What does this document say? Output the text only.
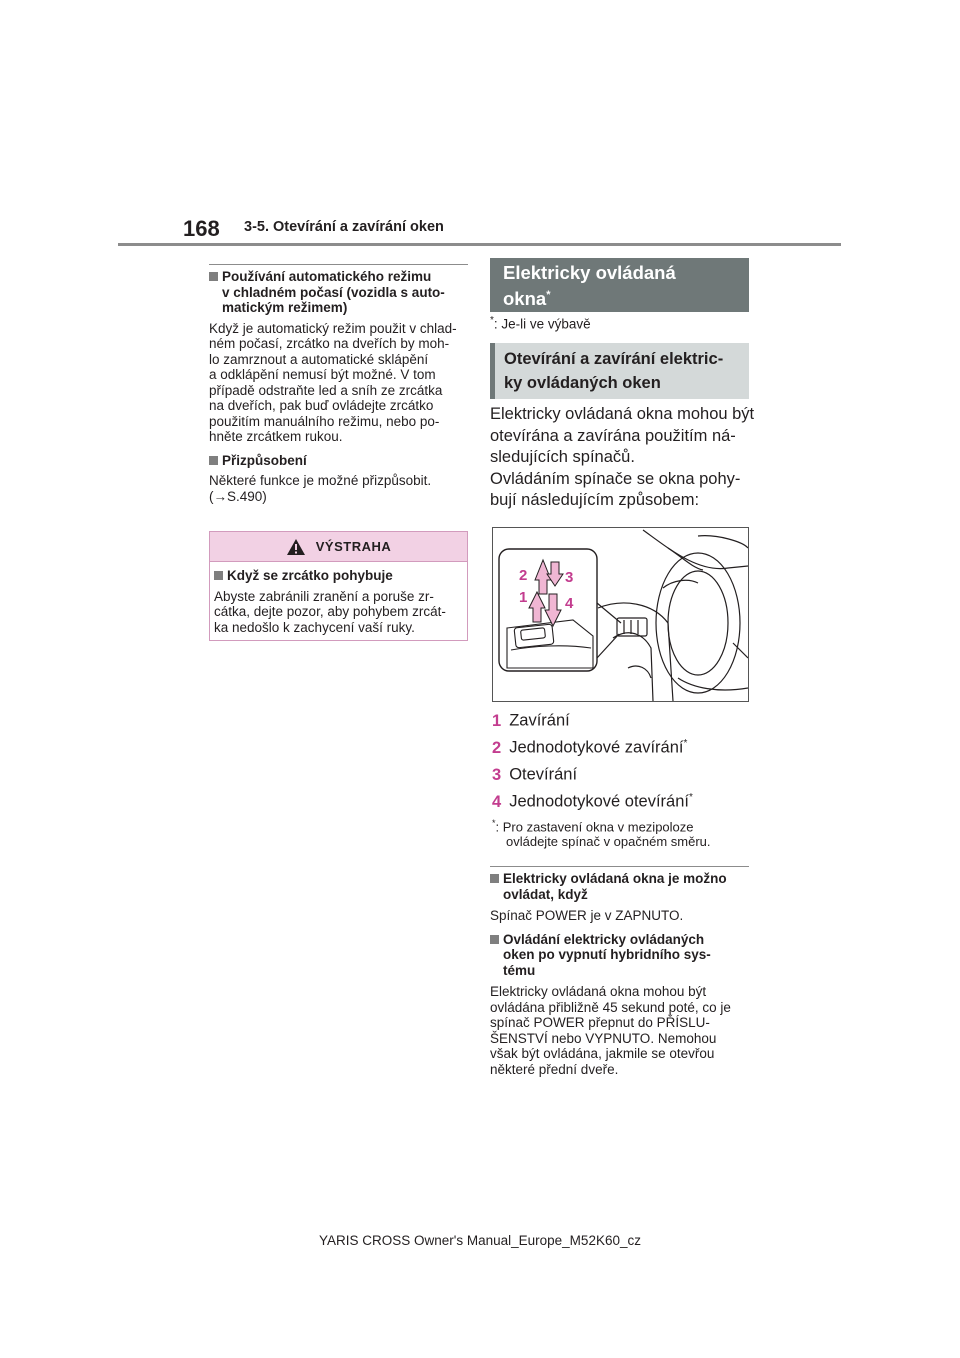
168 3-5. Otevírání a zavírání oken
Používání automatického režimu
v chladném počasí (vozidla s auto-
matickým režimem)
Když je automatický režim použit v chlad-
ném počasí, zrcátko na dveřích by moh-
lo zamrznout a automatické sklápění
a odklápění nemusí být možné. V tom
případě odstraňte led a sníh ze zrcátka
na dveřích, pak buď ovládejte zrcátko
použitím manuálního režimu, nebo po-
hněte zrcátkem rukou.
Přizpůsobení
Některé funkce je možné přizpůsobit.
(→S.490)
VÝSTRAHA
Když se zrcátko pohybuje
Abyste zabránili zranění a poruše zr-
cátka, dejte pozor, aby pohybem zrcát-
ka nedošlo k zachycení vaší ruky.
Elektricky ovládaná
okna*
*: Je-li ve výbavě
Otevírání a zavírání elektric-
ky ovládaných oken
Elektricky ovládaná okna mohou být
otevírána a zavírána použitím ná-
sledujících spínačů.
Ovládáním spínače se okna pohy-
bují následujícím způsobem:
2	3
1	4
1 Zavírání
2 Jednodotykové zavírání*
3 Otevírání
4 Jednodotykové otevírání*
*: Pro zastavení okna v mezipoloze
ovládejte spínač v opačném směru.
Elektricky ovládaná okna je možno
ovládat, když
Spínač POWER je v ZAPNUTO.
Ovládání elektricky ovládaných
oken po vypnutí hybridního sys-
tému
Elektricky ovládaná okna mohou být
ovládána přibližně 45 sekund poté, co je
spínač POWER přepnut do PŘÍSLU-
ŠENSTVÍ nebo VYPNUTO. Nemohou
však být ovládána, jakmile se otevřou
některé přední dveře.
YARIS CROSS Owner's Manual_Europe_M52K60_cz
